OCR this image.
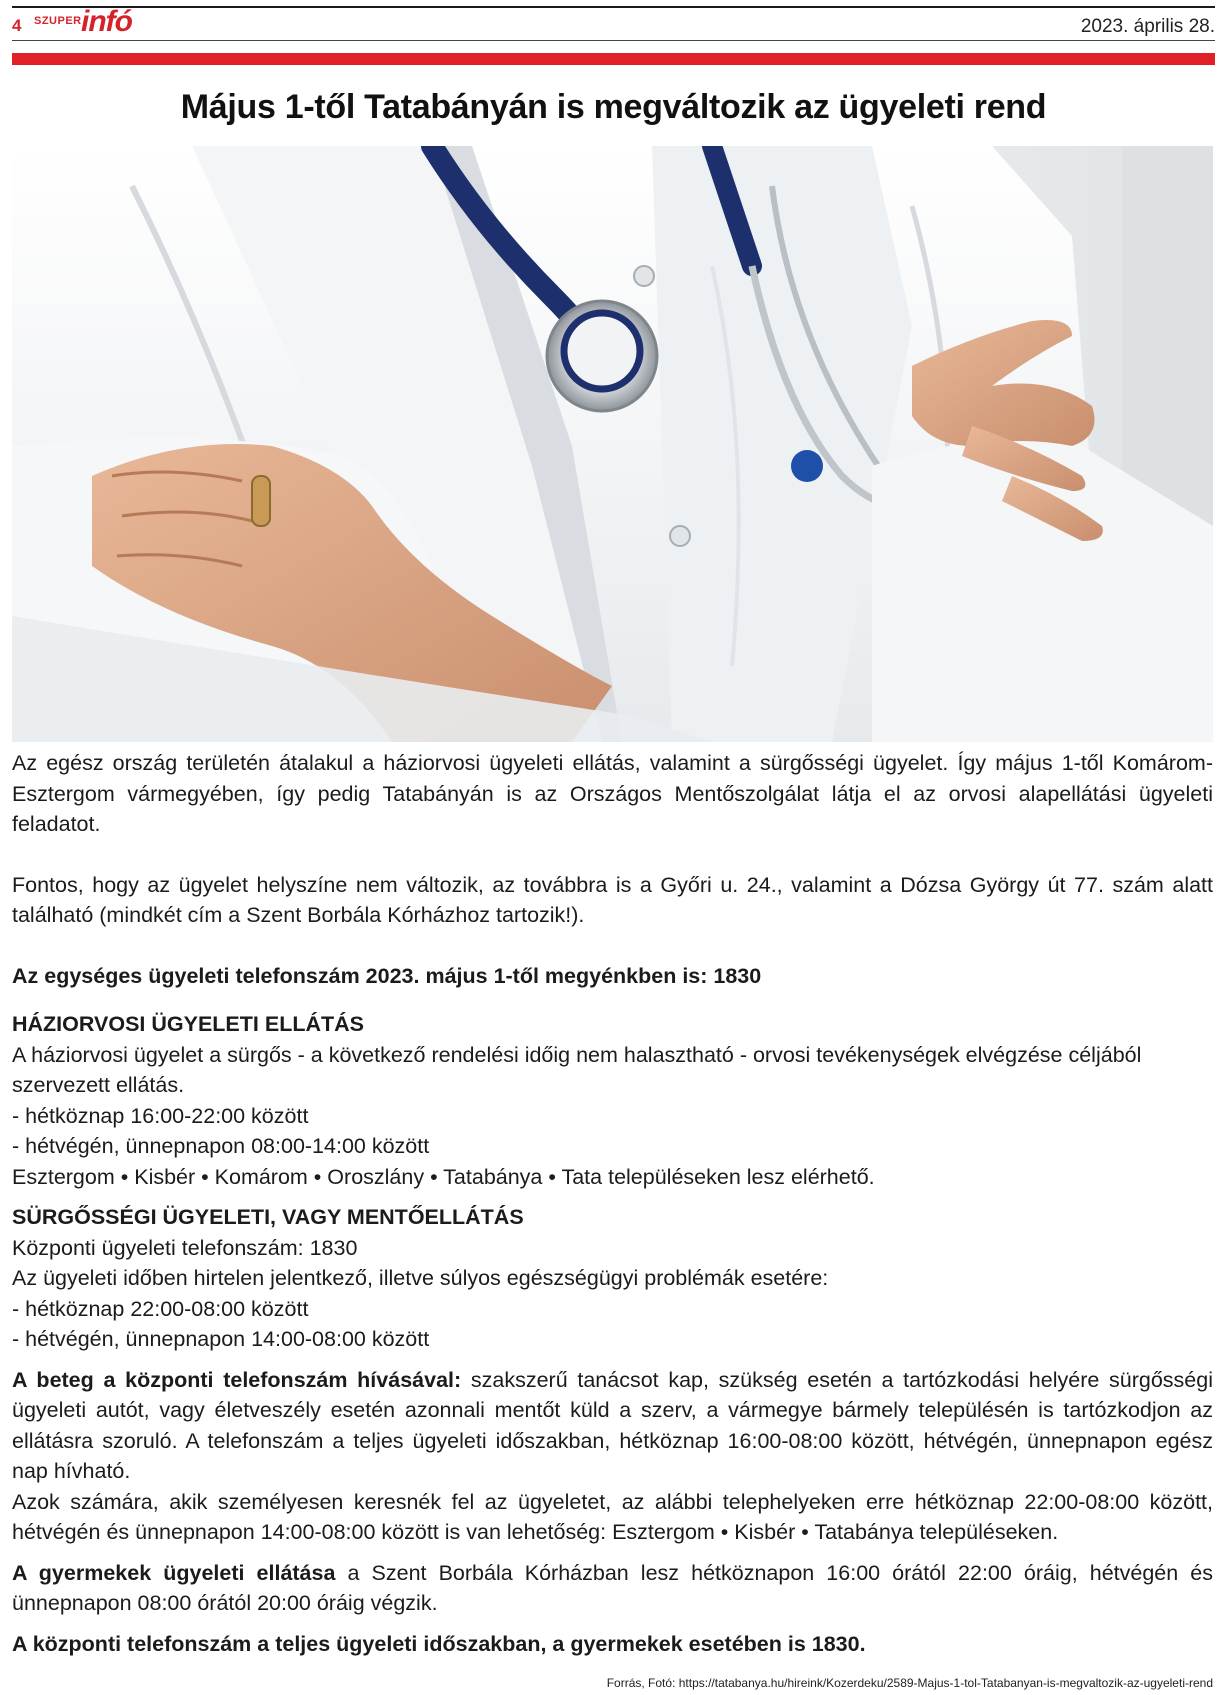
4 SZUPER infó	2023. április 28.
Május 1-től Tatabányán is megváltozik az ügyeleti rend

Az egész ország területén átalakul a háziorvosi ügyeleti ellátás, valamint a sürgősségi ügyelet. Így május 1-től Komárom-Esztergom vármegyében, így pedig Tatabányán is az Országos Mentőszolgálat látja el az orvosi alapellátási ügyeleti feladatot.

Fontos, hogy az ügyelet helyszíne nem változik, az továbbra is a Győri u. 24., valamint a Dózsa György út 77. szám alatt található (mindkét cím a Szent Borbála Kórházhoz tartozik!).

Az egységes ügyeleti telefonszám 2023. május 1-től megyénkben is: 1830

HÁZIORVOSI ÜGYELETI ELLÁTÁS

A háziorvosi ügyelet a sürgős - a következő rendelési időig nem halasztható - orvosi tevékenységek elvégzése céljából szervezett ellátás.

- hétköznap 16:00-22:00 között

- hétvégén, ünnepnapon 08:00-14:00 között

Esztergom • Kisbér • Komárom • Oroszlány • Tatabánya • Tata településeken lesz elérhető.

SÜRGŐSSÉGI ÜGYELETI, VAGY MENTŐELLÁTÁS

Központi ügyeleti telefonszám: 1830

Az ügyeleti időben hirtelen jelentkező, illetve súlyos egészségügyi problémák esetére:

- hétköznap 22:00-08:00 között

- hétvégén, ünnepnapon 14:00-08:00 között

A beteg a központi telefonszám hívásával: szakszerű tanácsot kap, szükség esetén a tartózkodási helyére sürgősségi ügyeleti autót, vagy életveszély esetén azonnali mentőt küld a szerv, a vármegye bármely településén is tartózkodjon az ellátásra szoruló. A telefonszám a teljes ügyeleti időszakban, hétköznap 16:00-08:00 között, hétvégén, ünnepnapon egész nap hívható.

Azok számára, akik személyesen keresnék fel az ügyeletet, az alábbi telephelyeken erre hétköznap 22:00-08:00 között, hétvégén és ünnepnapon 14:00-08:00 között is van lehetőség: Esztergom • Kisbér • Tatabánya településeken.

A gyermekek ügyeleti ellátása a Szent Borbála Kórházban lesz hétköznapon 16:00 órától 22:00 óráig, hétvégén és ünnepnapon 08:00 órától 20:00 óráig végzik.

A központi telefonszám a teljes ügyeleti időszakban, a gyermekek esetében is 1830.

Forrás, Fotó: https://tatabanya.hu/hireink/Kozerdeku/2589-Majus-1-tol-Tatabanyan-is-megvaltozik-az-ugyeleti-rend
